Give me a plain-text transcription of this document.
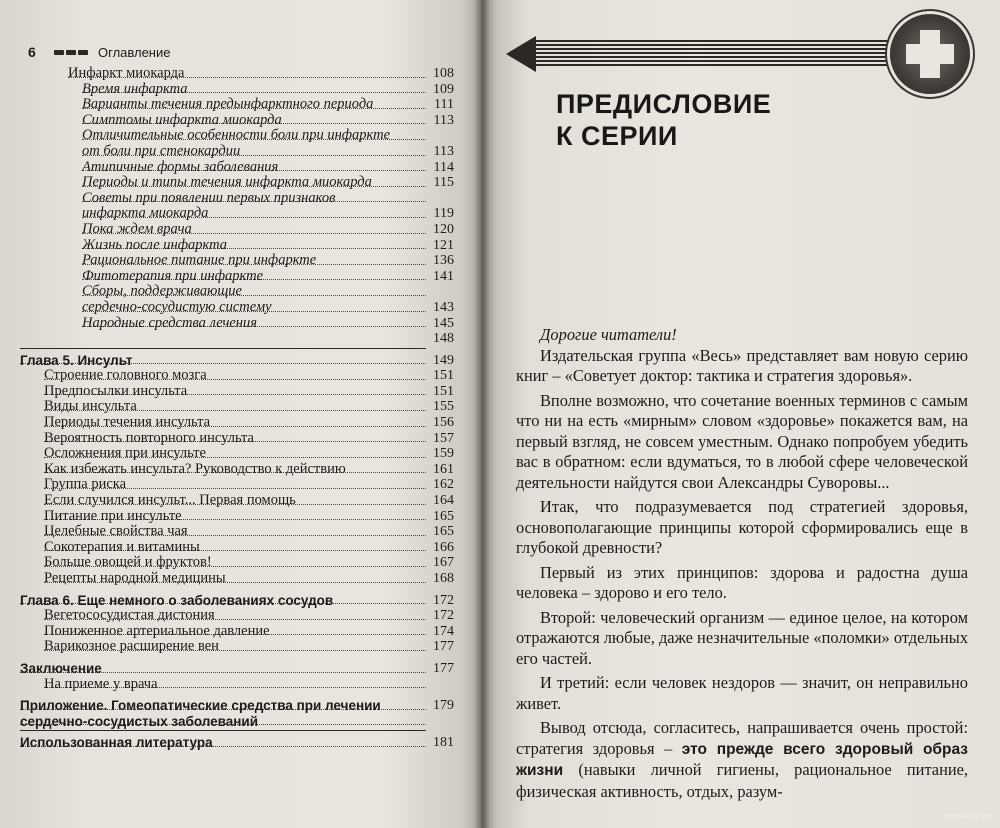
6	Оглавление
Инфаркт миокарда	108
Время инфаркта	109
Варианты течения предынфарктного периода	111
Симптомы инфаркта миокарда	113
Отличительные особенности боли при инфаркте
от боли при стенокардии	113
Атипичные формы заболевания	114
Периоды и типы течения инфаркта миокарда	115
Советы при появлении первых признаков
инфаркта миокарда	119
Пока ждем врача	120
Жизнь после инфаркта	121
Рациональное питание при инфаркте	136
Фитотерапия при инфаркте	141
Сборы, поддерживающие
сердечно-сосудистую систему	143
Народные средства лечения	145
148
Глава 5. Инсульт	149
Строение головного мозга	151
Предпосылки инсульта	151
Виды инсульта	155
Периоды течения инсульта	156
Вероятность повторного инсульта	157
Осложнения при инсульте	159
Как избежать инсульта? Руководство к действию	161
Группа риска	162
Если случился инсульт... Первая помощь	164
Питание при инсульте	165
Целебные свойства чая	165
Сокотерапия и витамины	166
Больше овощей и фруктов!	167
Рецепты народной медицины	168
Глава 6. Еще немного о заболеваниях сосудов	172
Вегетососудистая дистония	172
Пониженное артериальное давление	174
Варикозное расширение вен	177
Заключение	177
На приеме у врача
Приложение. Гомеопатические средства при лечении	179
сердечно-сосудистых заболеваний
Использованная литература	181
ПРЕДИСЛОВИЕ
К СЕРИИ

Дорогие читатели!

Издательская группа «Весь» представляет вам новую серию книг – «Советует доктор: тактика и стратегия здоровья».

Вполне возможно, что сочетание военных терминов с самым что ни на есть «мирным» словом «здоровье» покажется вам, на первый взгляд, не совсем уместным. Однако попробуем убедить вас в обратном: если вдуматься, то в любой сфере человеческой деятельности найдутся свои Александры Суворовы...

Итак, что подразумевается под стратегией здоровья, основополагающие принципы которой сформировались еще в глубокой древности?

Первый из этих принципов: здорова и радостна душа человека – здорово и его тело.

Второй: человеческий организм — единое целое, на котором отражаются любые, даже незначительные «поломки» отдельных его частей.

И третий: если человек нездоров — значит, он неправильно живет.

Вывод отсюда, согласитесь, напрашивается очень простой: стратегия здоровья – это прежде всего здоровый образ жизни (навыки личной гигиены, рациональное питание, физическая активность, отдых, разум-

www.ay.by
